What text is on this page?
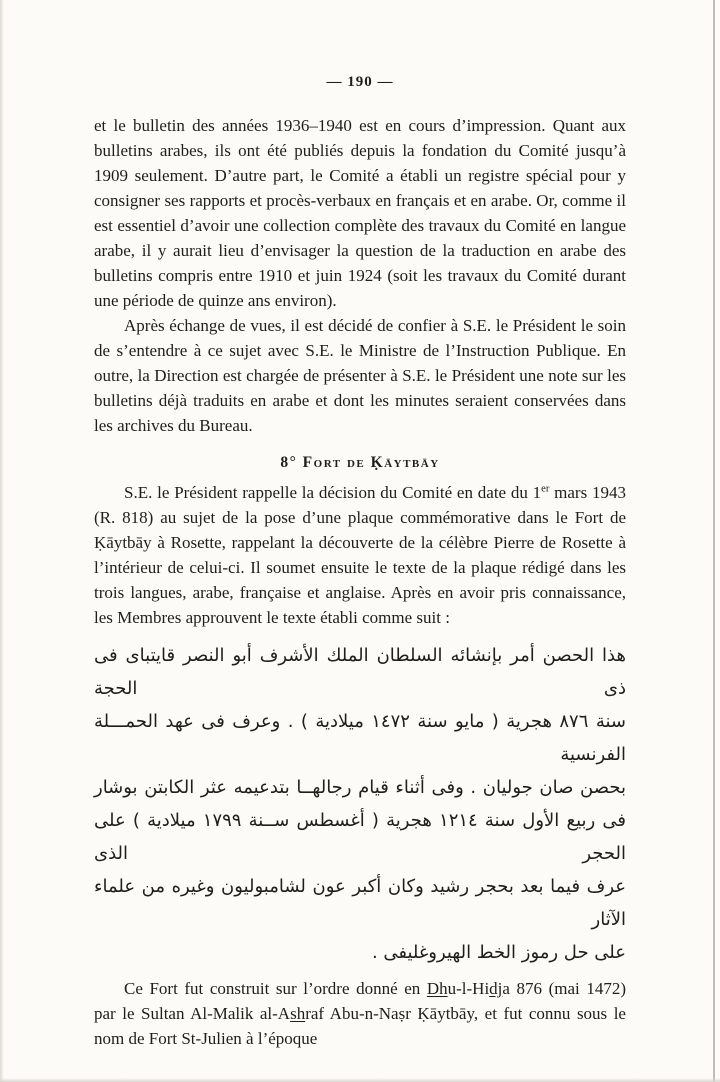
— 190 —

et le bulletin des années 1936–1940 est en cours d’impression. Quant aux bulletins arabes, ils ont été publiés depuis la fondation du Comité jusqu’à 1909 seulement. D’autre part, le Comité a établi un registre spécial pour y consigner ses rapports et procès-verbaux en français et en arabe. Or, comme il est essentiel d’avoir une collection complète des travaux du Comité en langue arabe, il y aurait lieu d’envisager la question de la traduction en arabe des bulletins compris entre 1910 et juin 1924 (soit les travaux du Comité durant une période de quinze ans environ).

Après échange de vues, il est décidé de confier à S.E. le Président le soin de s’entendre à ce sujet avec S.E. le Ministre de l’Instruction Publique. En outre, la Direction est chargée de présenter à S.E. le Président une note sur les bulletins déjà traduits en arabe et dont les minutes seraient conservées dans les archives du Bureau.

8° Fort de Ḳāytbāy

S.E. le Président rappelle la décision du Comité en date du 1er mars 1943 (R. 818) au sujet de la pose d’une plaque commémorative dans le Fort de Ḳāytbāy à Rosette, rappelant la découverte de la célèbre Pierre de Rosette à l’intérieur de celui-ci. Il soumet ensuite le texte de la plaque rédigé dans les trois langues, arabe, française et anglaise. Après en avoir pris connaissance, les Membres approuvent le texte établi comme suit :

هذا الحصن أمر بإنشائه السلطان الملك الأشرف أبو النصر قايتباى فى ذى الحجة
سنة ٨٧٦ هجرية ( مايو سنة ١٤٧٢ ميلادية ) . وعرف فى عهد الحمـــلة الفرنسية
بحصن صان جوليان . وفى أثناء قيام رجالهــا بتدعيمه عثر الكابتن بوشار
فى ربيع الأول سنة ١٢١٤ هجرية ( أغسطس ســنة ١٧٩٩ ميلادية ) على الحجر الذى
عرف فيما بعد بحجر رشيد وكان أكبر عون لشامبوليون وغيره من علماء الآثار
على حل رموز الخط الهيروغليفى .

Ce Fort fut construit sur l’ordre donné en Dhu-l-Hidja 876 (mai 1472) par le Sultan Al-Malik al-Ashraf Abu-n-Naṣr Ḳāytbāy, et fut connu sous le nom de Fort St-Julien à l’époque
